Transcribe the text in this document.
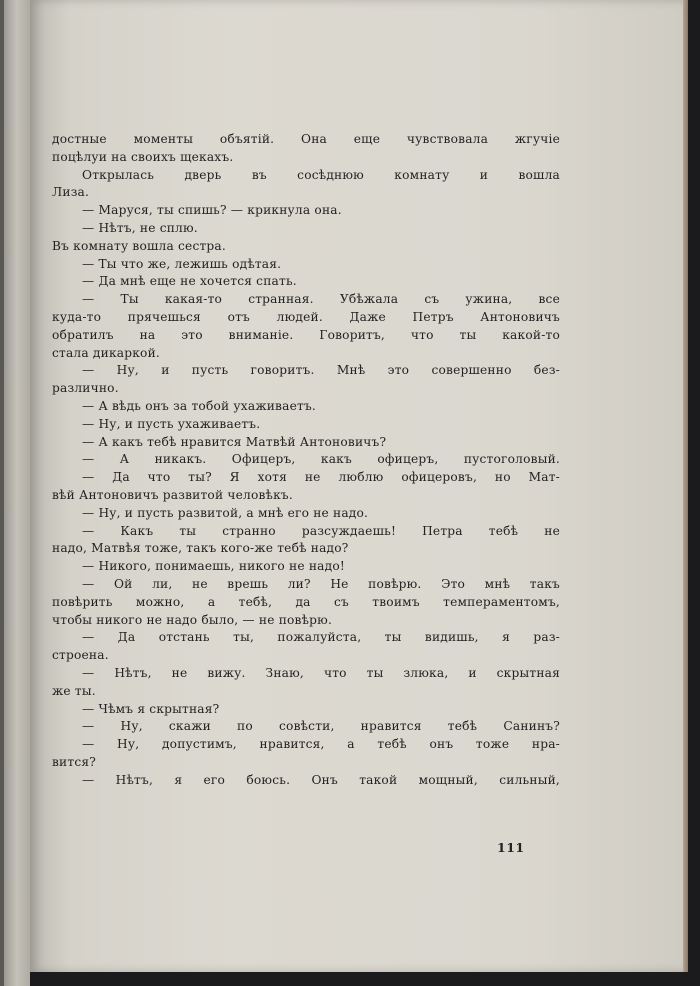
достные моменты объятій. Она еще чувствовала жгучіе
поцѣлуи на своихъ щекахъ.
Открылась дверь въ сосѣднюю комнату и вошла
Лиза.
— Маруся, ты спишь? — крикнула она.
— Нѣтъ, не сплю.
Въ комнату вошла сестра.
— Ты что же, лежишь одѣтая.
— Да мнѣ еще не хочется спать.
— Ты какая-то странная. Убѣжала съ ужина, все
куда-то прячешься отъ людей. Даже Петръ Антоновичъ
обратилъ на это вниманіе. Говоритъ, что ты какой-то
стала дикаркой.
— Ну, и пусть говоритъ. Мнѣ это совершенно без-
различно.
— А вѣдь онъ за тобой ухаживаетъ.
— Ну, и пусть ухаживаетъ.
— А какъ тебѣ нравится Матвѣй Антоновичъ?
— А никакъ. Офицеръ, какъ офицеръ, пустоголовый.
— Да что ты? Я хотя не люблю офицеровъ, но Мат-
вѣй Антоновичъ развитой человѣкъ.
— Ну, и пусть развитой, а мнѣ его не надо.
— Какъ ты странно разсуждаешь! Петра тебѣ не
надо, Матвѣя тоже, такъ кого-же тебѣ надо?
— Никого, понимаешь, никого не надо!
— Ой ли, не врешь ли? Не повѣрю. Это мнѣ такъ
повѣрить можно, а тебѣ, да съ твоимъ темпераментомъ,
чтобы никого не надо было, — не повѣрю.
— Да отстань ты, пожалуйста, ты видишь, я раз-
строена.
— Нѣтъ, не вижу. Знаю, что ты злюка, и скрытная
же ты.
— Чѣмъ я скрытная?
— Ну, скажи по совѣсти, нравится тебѣ Санинъ?
— Ну, допустимъ, нравится, а тебѣ онъ тоже нра-
вится?
— Нѣтъ, я его боюсь. Онъ такой мощный, сильный,
111
